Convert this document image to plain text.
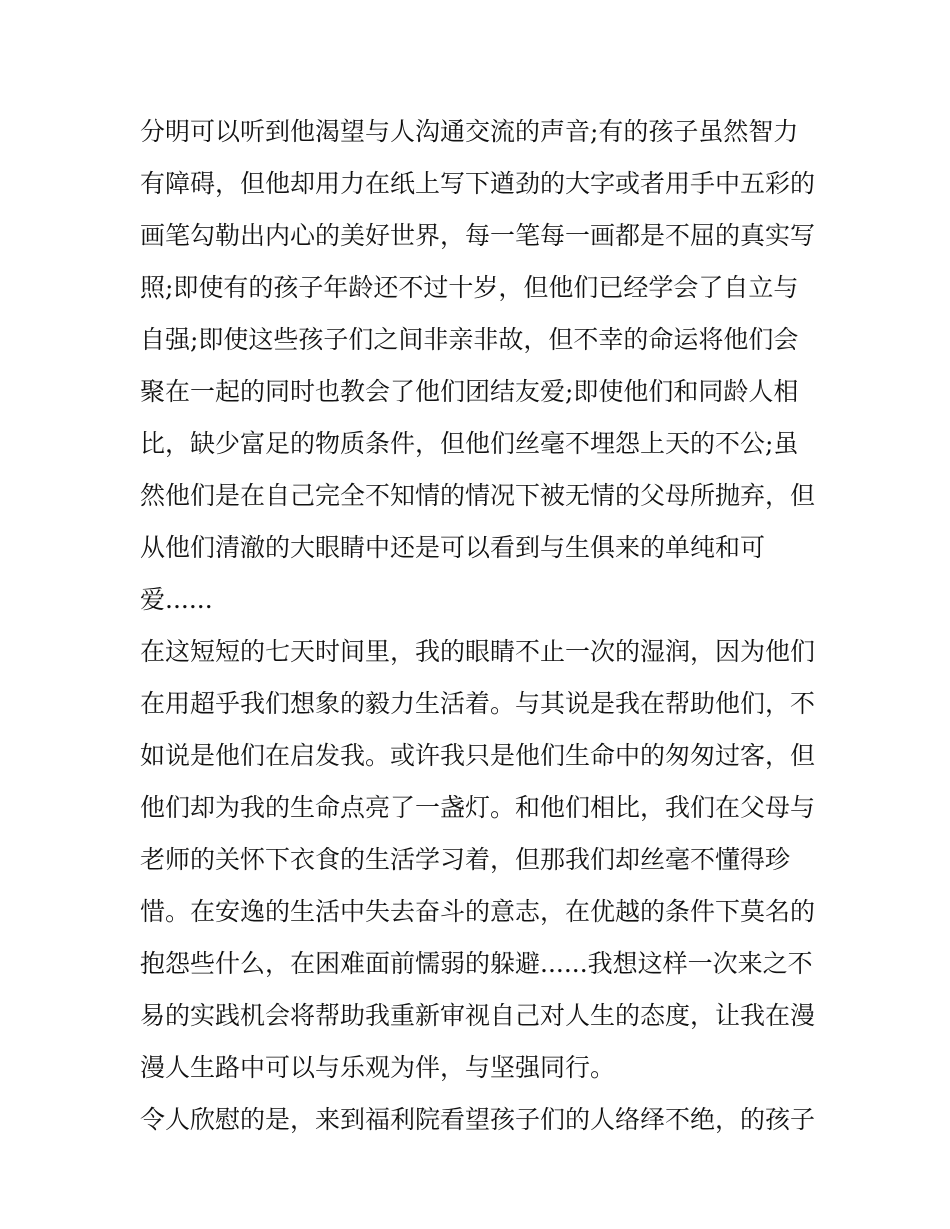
分明可以听到他渴望与人沟通交流的声音;有的孩子虽然智力
有障碍，但他却用力在纸上写下遒劲的大字或者用手中五彩的
画笔勾勒出内心的美好世界，每一笔每一画都是不屈的真实写
照;即使有的孩子年龄还不过十岁，但他们已经学会了自立与
自强;即使这些孩子们之间非亲非故，但不幸的命运将他们会
聚在一起的同时也教会了他们团结友爱;即使他们和同龄人相
比，缺少富足的物质条件，但他们丝毫不埋怨上天的不公;虽
然他们是在自己完全不知情的情况下被无情的父母所抛弃，但
从他们清澈的大眼睛中还是可以看到与生俱来的单纯和可
爱......
在这短短的七天时间里，我的眼睛不止一次的湿润，因为他们
在用超乎我们想象的毅力生活着。与其说是我在帮助他们，不
如说是他们在启发我。或许我只是他们生命中的匆匆过客，但
他们却为我的生命点亮了一盏灯。和他们相比，我们在父母与
老师的关怀下衣食的生活学习着，但那我们却丝毫不懂得珍
惜。在安逸的生活中失去奋斗的意志，在优越的条件下莫名的
抱怨些什么，在困难面前懦弱的躲避......我想这样一次来之不
易的实践机会将帮助我重新审视自己对人生的态度，让我在漫
漫人生路中可以与乐观为伴，与坚强同行。
令人欣慰的是，来到福利院看望孩子们的人络绎不绝，的孩子
